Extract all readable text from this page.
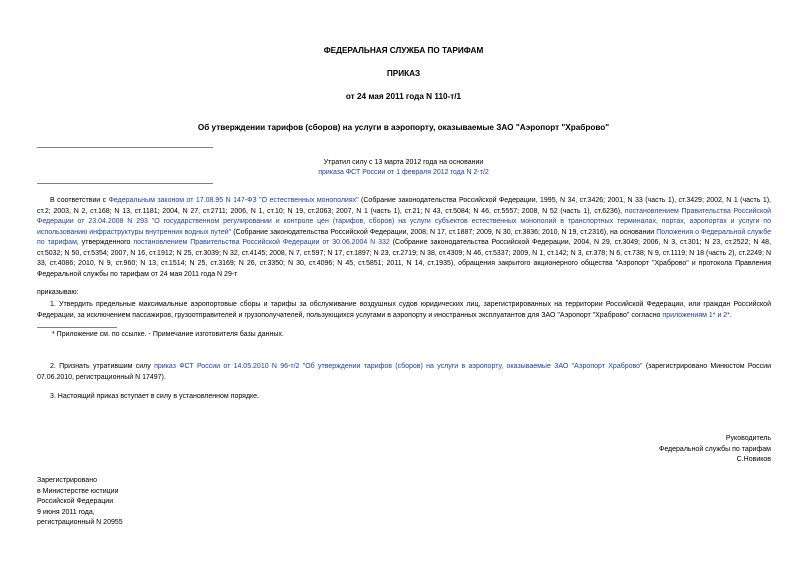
ФЕДЕРАЛЬНАЯ СЛУЖБА ПО ТАРИФАМ
ПРИКАЗ
от 24 мая 2011 года N 110-т/1
Об утверждении тарифов (сборов) на услуги в аэропорту, оказываемые ЗАО "Аэропорт "Храброво"
Утратил силу с 13 марта 2012 года на основании
приказа ФСТ России от 1 февраля 2012 года N 2-т/2
В соответствии с Федеральным законом от 17.08.95 N 147-ФЗ "О естественных монополиях" (Собрание законодательства Российской Федерации, 1995, N 34, ст.3426; 2001, N 33 (часть 1), ст.3429; 2002, N 1 (часть 1), ст.2; 2003, N 2, ст.168; N 13, ст.1181; 2004, N 27, ст.2711; 2006, N 1, ст.10; N 19, ст.2063; 2007, N 1 (часть 1), ст.21; N 43, ст.5084; N 46, ст.5557; 2008, N 52 (часть 1), ст.6236), постановлением Правительства Российской Федерации от 23.04.2008 N 293 "О государственном регулировании и контроле цен (тарифов, сборов) на услуги субъектов естественных монополий в транспортных терминалах, портах, аэропортах и услуги по использованию инфраструктуры внутренних водных путей" (Собрание законодательства Российской Федерации, 2008, N 17, ст.1887; 2009, N 30, ст.3836; 2010, N 19, ст.2316), на основании Положения о Федеральной службе по тарифам, утвержденного постановлением Правительства Российской Федерации от 30.06.2004 N 332 (Собрание законодательства Российской Федерации, 2004, N 29, ст.3049; 2006, N 3, ст.301; N 23, ст.2522; N 48, ст.5032; N 50, ст.5354; 2007, N 16, ст.1912; N 25, ст.3039; N 32, ст.4145; 2008, N 7, ст.597; N 17, ст.1897; N 23, ст.2719; N 38, ст.4309; N 46, ст.5337; 2009, N 1, ст.142; N 3, ст.378; N 6, ст.738; N 9, ст.1119; N 18 (часть 2), ст.2249; N 33, ст.4086; 2010, N 9, ст.960; N 13, ст.1514; N 25, ст.3169; N 26, ст.3350; N 30, ст.4096; N 45, ст.5851; 2011, N 14, ст.1935), обращения закрытого акционерного общества "Аэропорт "Храброво" и протокола Правления Федеральной службы по тарифам от 24 мая 2011 года N 29-т
приказываю:
1. Утвердить предельные максимальные аэропортовые сборы и тарифы за обслуживание воздушных судов юридических лиц, зарегистрированных на территории Российской Федерации, или граждан Российской Федерации, за исключением пассажиров, грузоотправителей и грузополучателей, пользующихся услугами в аэропорту и иностранных эксплуатантов для ЗАО "Аэропорт "Храброво" согласно приложениям 1* и 2*.
* Приложение см. по ссылке. - Примечание изготовителя базы данных.
2. Признать утратившим силу приказ ФСТ России от 14.05.2010 N 96-т/2 "Об утверждении тарифов (сборов) на услуги в аэропорту, оказываемые ЗАО "Аэропорт Храброво" (зарегистрировано Минюстом России 07.06.2010, регистрационный N 17497).
3. Настоящий приказ вступает в силу в установленном порядке.
Руководитель
Федеральной службы по тарифам
С.Новиков
Зарегистрировано
в Министерстве юстиции
Российской Федерации
9 июня 2011 года,
регистрационный N 20955
